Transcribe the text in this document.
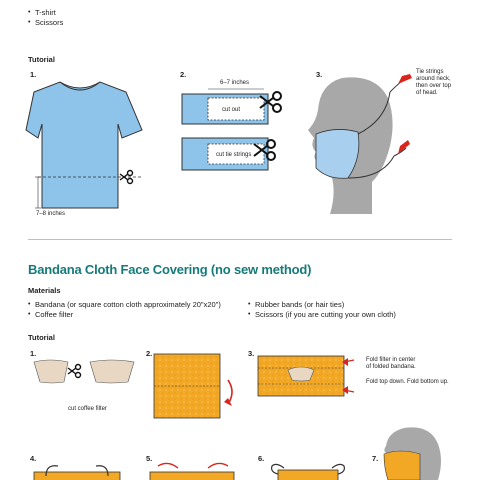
• T-shirt
• Scissors
Tutorial
1.	2.	3.
7–8 inches
6–7 inches
cut out
cut tie strings
Tie strings
around neck,
then over top
of head.
Bandana Cloth Face Covering (no sew method)
Materials
• Bandana (or square cotton cloth approximately 20"x20")
• Coffee filter
• Rubber bands (or hair ties)
• Scissors (if you are cutting your own cloth)
Tutorial
1.	2.	3.
4.	5.	6.	7.
cut coffee filter
Fold filter in center
of folded bandana.
Fold top down. Fold bottom up.
